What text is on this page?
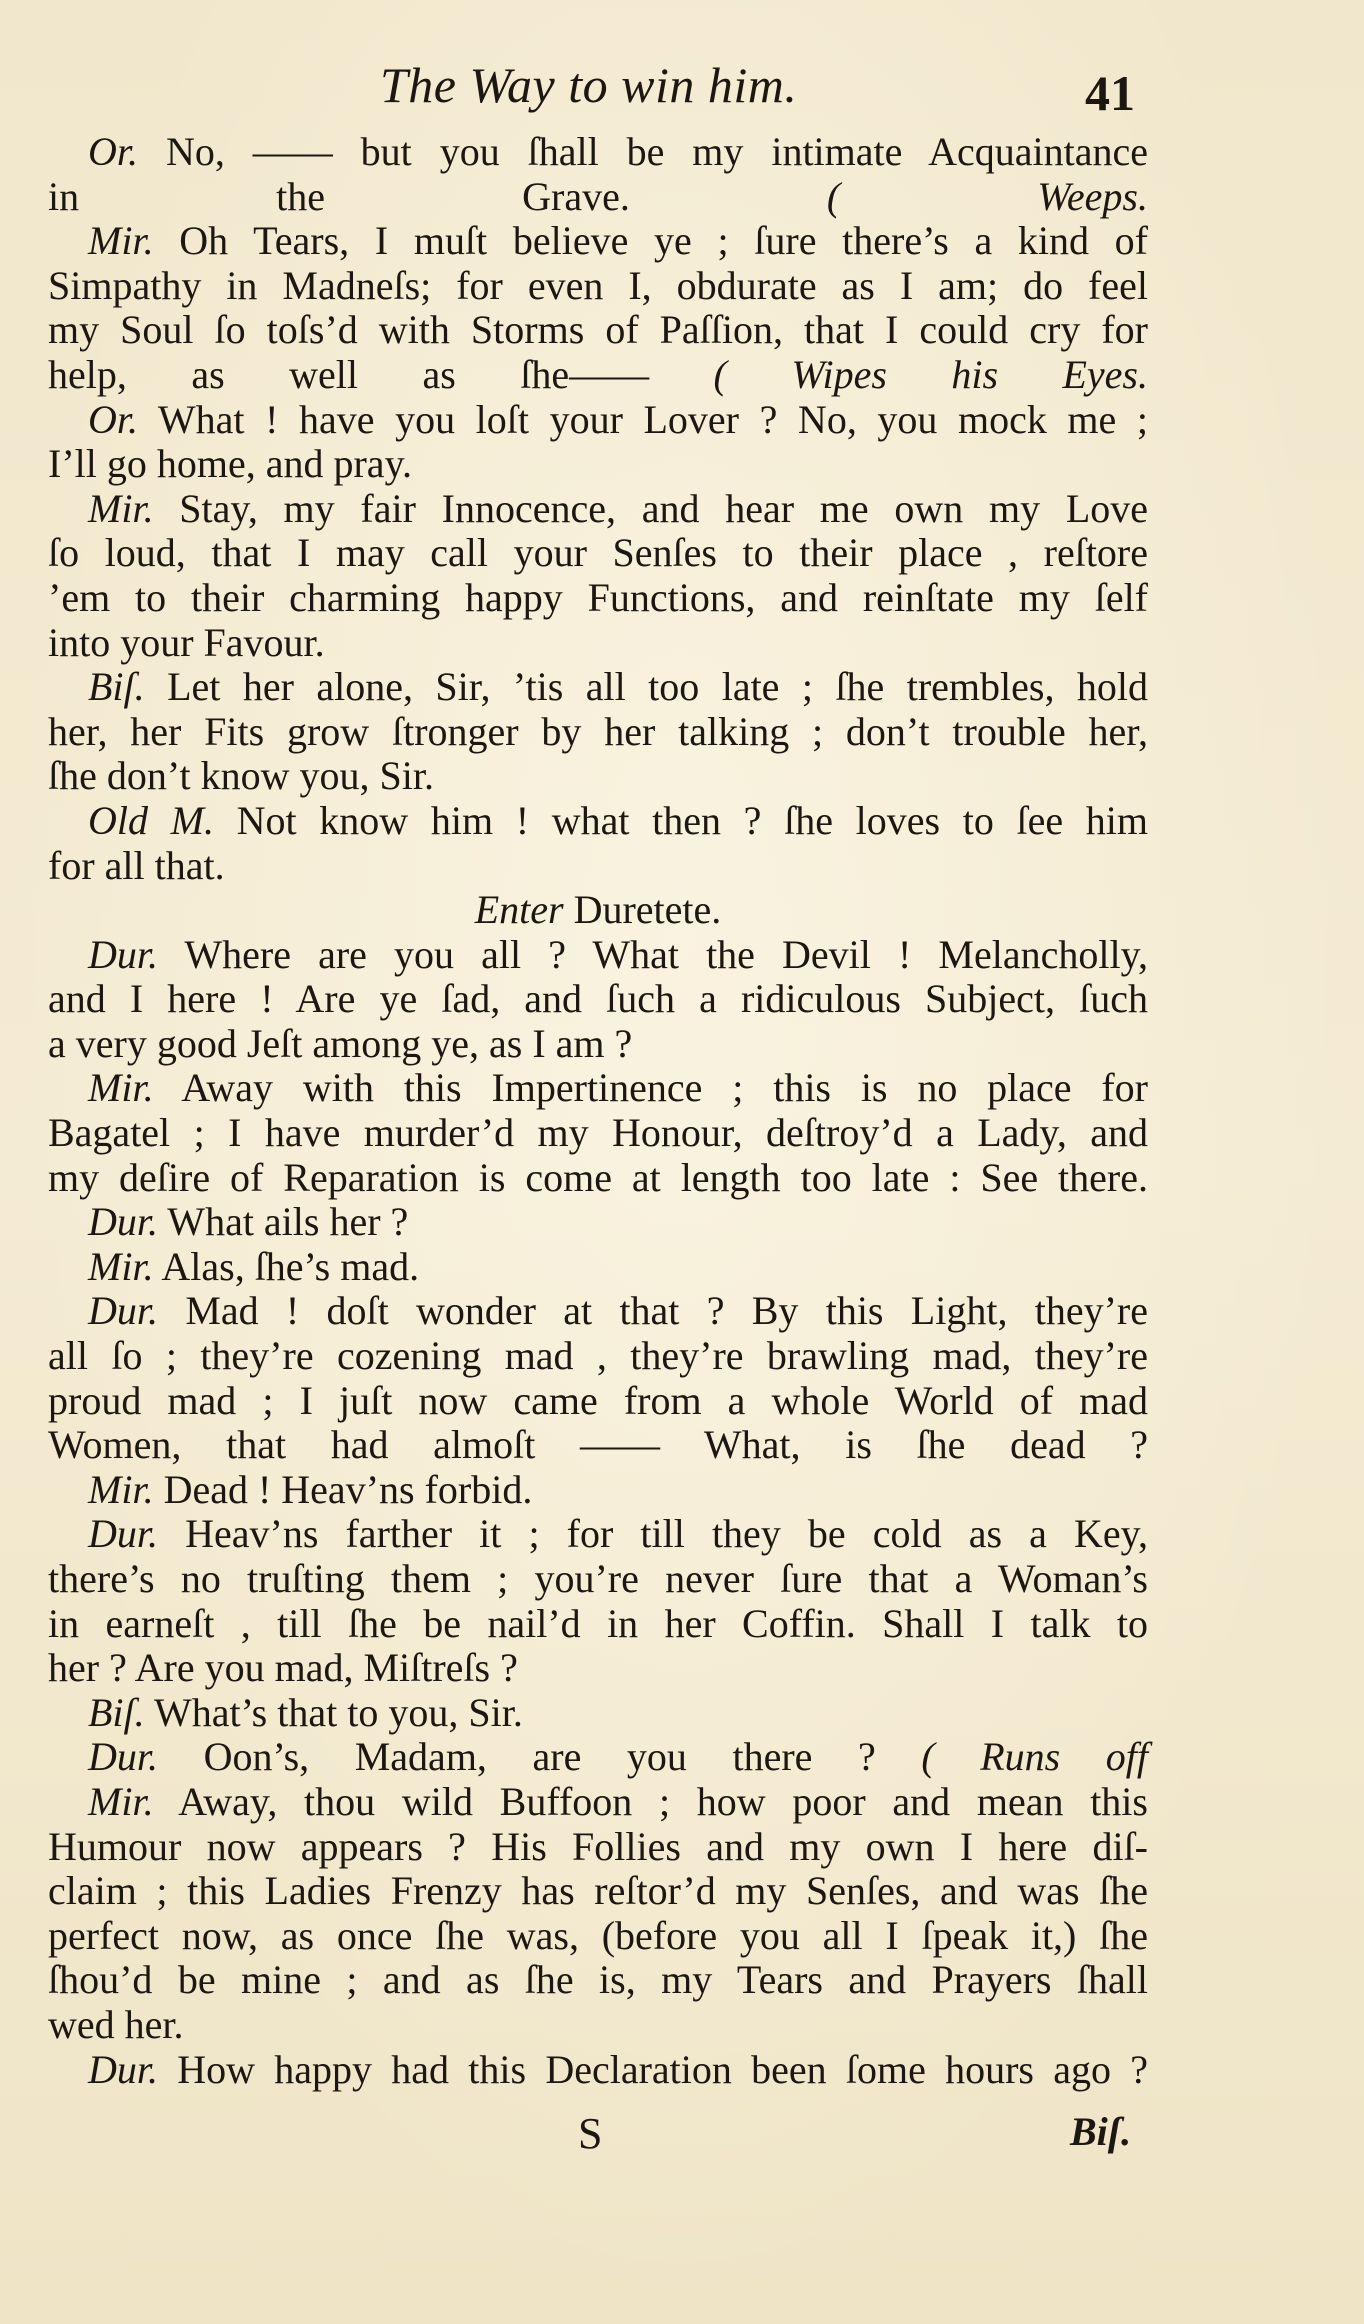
The Way to win him.	41
Or. No, —— but you ſhall be my intimate Acquaintance
in the Grave. ( Weeps.
Mir. Oh Tears, I muſt believe ye ; ſure there’s a kind of
Simpathy in Madneſs; for even I, obdurate as I am; do feel
my Soul ſo toſs’d with Storms of Paſſion, that I could cry for
help, as well as ſhe—— ( Wipes his Eyes.
Or. What ! have you loſt your Lover ? No, you mock me ;
I’ll go home, and pray.
Mir. Stay, my fair Innocence, and hear me own my Love
ſo loud, that I may call your Senſes to their place , reſtore
’em to their charming happy Functions, and reinſtate my ſelf
into your Favour.
Biſ. Let her alone, Sir, ’tis all too late ; ſhe trembles, hold
her, her Fits grow ſtronger by her talking ; don’t trouble her,
ſhe don’t know you, Sir.
Old M. Not know him ! what then ? ſhe loves to ſee him
for all that.
Enter Duretete.
Dur. Where are you all ? What the Devil ! Melancholly,
and I here ! Are ye ſad, and ſuch a ridiculous Subject, ſuch
a very good Jeſt among ye, as I am ?
Mir. Away with this Impertinence ; this is no place for
Bagatel ; I have murder’d my Honour, deſtroy’d a Lady, and
my deſire of Reparation is come at length too late : See there.
Dur. What ails her ?
Mir. Alas, ſhe’s mad.
Dur. Mad ! doſt wonder at that ? By this Light, they’re
all ſo ; they’re cozening mad , they’re brawling mad, they’re
proud mad ; I juſt now came from a whole World of mad
Women, that had almoſt —— What, is ſhe dead ?
Mir. Dead ! Heav’ns forbid.
Dur. Heav’ns farther it ; for till they be cold as a Key,
there’s no truſting them ; you’re never ſure that a Woman’s
in earneſt , till ſhe be nail’d in her Coffin. Shall I talk to
her ? Are you mad, Miſtreſs ?
Biſ. What’s that to you, Sir.
Dur. Oon’s, Madam, are you there ? ( Runs off
Mir. Away, thou wild Buffoon ; how poor and mean this
Humour now appears ? His Follies and my own I here diſ-
claim ; this Ladies Frenzy has reſtor’d my Senſes, and was ſhe
perfect now, as once ſhe was, (before you all I ſpeak it,) ſhe
ſhou’d be mine ; and as ſhe is, my Tears and Prayers ſhall
wed her.
Dur. How happy had this Declaration been ſome hours ago ?
S	Biſ.
